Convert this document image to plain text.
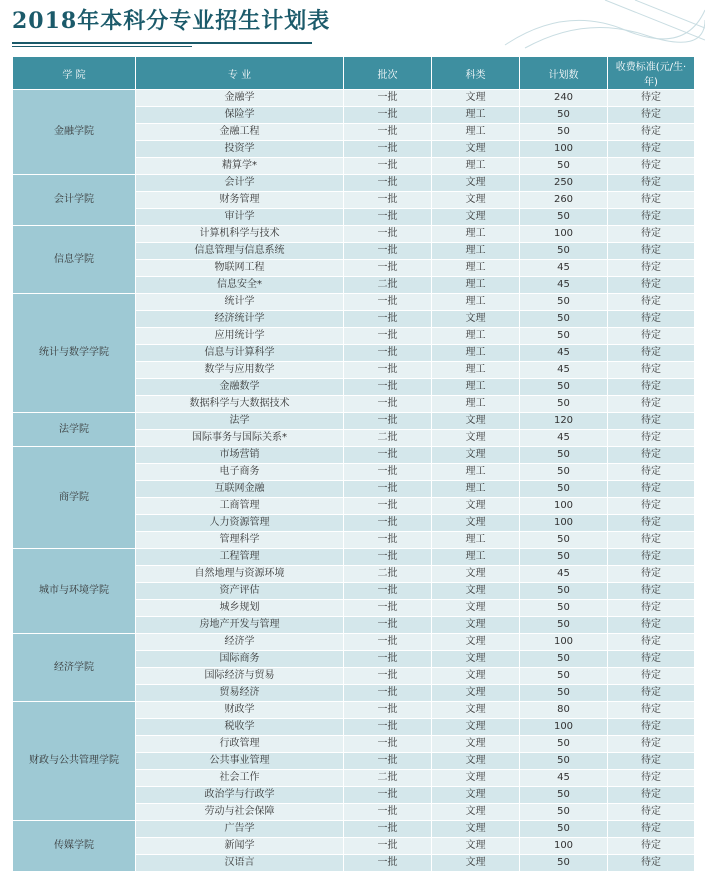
2018年本科分专业招生计划表
学 院	专 业	批次	科类	计划数	收费标准(元/生·年)
金融学院	金融学	一批	文理	240	待定
	保险学	一批	理工	50	待定
	金融工程	一批	理工	50	待定
	投资学	一批	文理	100	待定
	精算学*	一批	理工	50	待定
会计学院	会计学	一批	文理	250	待定
	财务管理	一批	文理	260	待定
	审计学	一批	文理	50	待定
信息学院	计算机科学与技术	一批	理工	100	待定
	信息管理与信息系统	一批	理工	50	待定
	物联网工程	一批	理工	45	待定
	信息安全*	二批	理工	45	待定
统计与数学学院	统计学	一批	理工	50	待定
	经济统计学	一批	文理	50	待定
	应用统计学	一批	理工	50	待定
	信息与计算科学	一批	理工	45	待定
	数学与应用数学	一批	理工	45	待定
	金融数学	一批	理工	50	待定
	数据科学与大数据技术	一批	理工	50	待定
法学院	法学	一批	文理	120	待定
	国际事务与国际关系*	二批	文理	45	待定
商学院	市场营销	一批	文理	50	待定
	电子商务	一批	理工	50	待定
	互联网金融	一批	理工	50	待定
	工商管理	一批	文理	100	待定
	人力资源管理	一批	文理	100	待定
	管理科学	一批	理工	50	待定
城市与环境学院	工程管理	一批	理工	50	待定
	自然地理与资源环境	二批	文理	45	待定
	资产评估	一批	文理	50	待定
	城乡规划	一批	文理	50	待定
	房地产开发与管理	一批	文理	50	待定
经济学院	经济学	一批	文理	100	待定
	国际商务	一批	文理	50	待定
	国际经济与贸易	一批	文理	50	待定
	贸易经济	一批	文理	50	待定
财政与公共管理学院	财政学	一批	文理	80	待定
	税收学	一批	文理	100	待定
	行政管理	一批	文理	50	待定
	公共事业管理	一批	文理	50	待定
	社会工作	二批	文理	45	待定
	政治学与行政学	一批	文理	50	待定
	劳动与社会保障	一批	文理	50	待定
传媒学院	广告学	一批	文理	50	待定
	新闻学	一批	文理	100	待定
	汉语言	一批	文理	50	待定
